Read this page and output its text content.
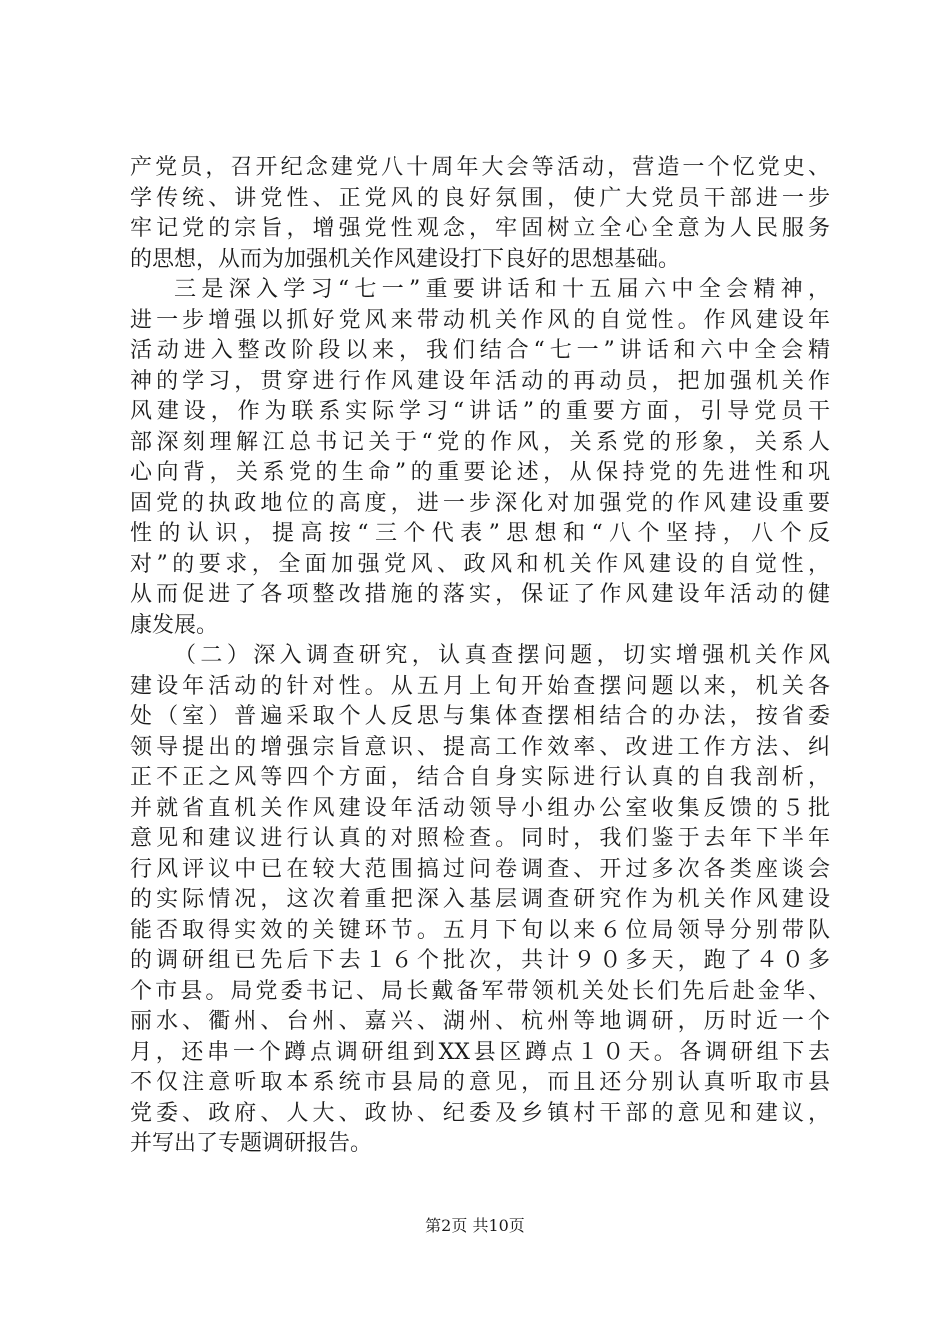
产党员，召开纪念建党八十周年大会等活动，营造一个忆党史、
学传统、讲党性、正党风的良好氛围，使广大党员干部进一步
牢记党的宗旨，增强党性观念，牢固树立全心全意为人民服务
的思想，从而为加强机关作风建设打下良好的思想基础。
三是深入学习“七一”重要讲话和十五届六中全会精神，
进一步增强以抓好党风来带动机关作风的自觉性。作风建设年
活动进入整改阶段以来，我们结合“七一”讲话和六中全会精
神的学习，贯穿进行作风建设年活动的再动员，把加强机关作
风建设，作为联系实际学习“讲话”的重要方面，引导党员干
部深刻理解江总书记关于“党的作风，关系党的形象，关系人
心向背，关系党的生命”的重要论述，从保持党的先进性和巩
固党的执政地位的高度，进一步深化对加强党的作风建设重要
性的认识，提高按“三个代表”思想和“八个坚持，八个反
对”的要求，全面加强党风、政风和机关作风建设的自觉性，
从而促进了各项整改措施的落实，保证了作风建设年活动的健
康发展。
（二）深入调查研究，认真查摆问题，切实增强机关作风
建设年活动的针对性。从五月上旬开始查摆问题以来，机关各
处（室）普遍采取个人反思与集体查摆相结合的办法，按省委
领导提出的增强宗旨意识、提高工作效率、改进工作方法、纠
正不正之风等四个方面，结合自身实际进行认真的自我剖析，
并就省直机关作风建设年活动领导小组办公室收集反馈的５批
意见和建议进行认真的对照检查。同时，我们鉴于去年下半年
行风评议中已在较大范围搞过问卷调查、开过多次各类座谈会
的实际情况，这次着重把深入基层调查研究作为机关作风建设
能否取得实效的关键环节。五月下旬以来６位局领导分别带队
的调研组已先后下去１６个批次，共计９０多天，跑了４０多
个市县。局党委书记、局长戴备军带领机关处长们先后赴金华、
丽水、衢州、台州、嘉兴、湖州、杭州等地调研，历时近一个
月，还串一个蹲点调研组到XX县区蹲点１０天。各调研组下去
不仅注意听取本系统市县局的意见，而且还分别认真听取市县
党委、政府、人大、政协、纪委及乡镇村干部的意见和建议，
并写出了专题调研报告。
第2页 共10页
